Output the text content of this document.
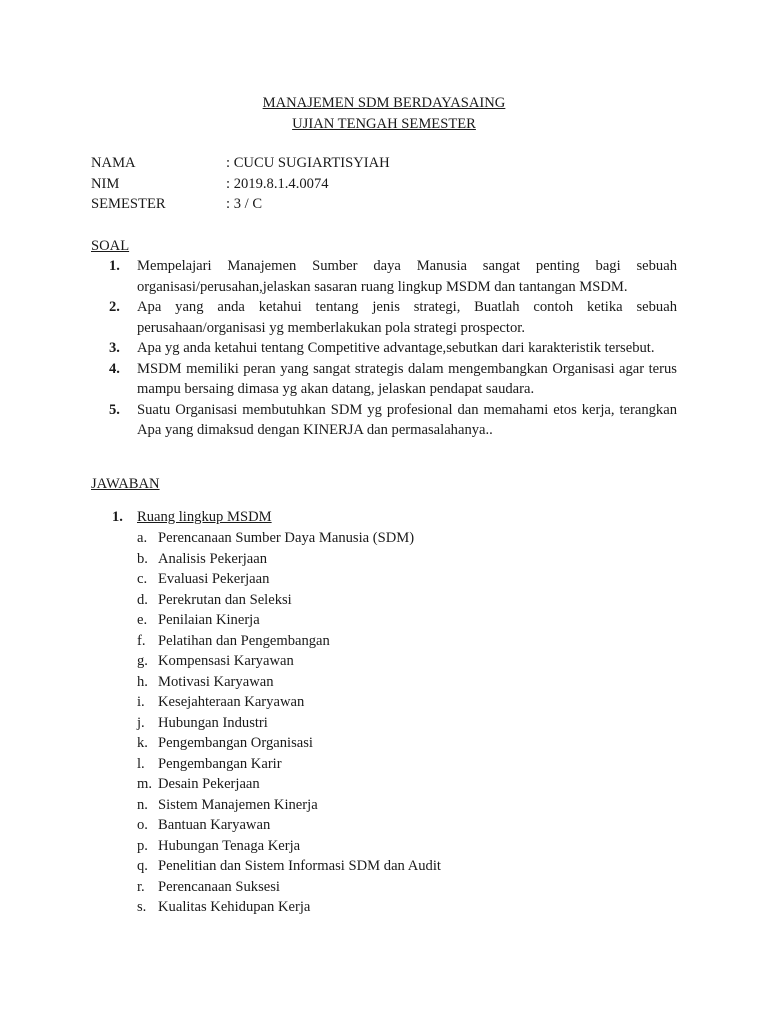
MANAJEMEN SDM BERDAYASAING
UJIAN TENGAH SEMESTER
NAMA	: CUCU SUGIARTISYIAH
NIM	: 2019.8.1.4.0074
SEMESTER	: 3 / C
SOAL
1.	Mempelajari Manajemen Sumber daya Manusia sangat penting bagi sebuah organisasi/perusahan,jelaskan sasaran ruang lingkup MSDM dan tantangan MSDM.
2.	Apa yang anda ketahui tentang jenis strategi, Buatlah contoh ketika sebuah perusahaan/organisasi yg memberlakukan pola strategi prospector.
3.	Apa yg anda ketahui tentang Competitive advantage,sebutkan dari karakteristik tersebut.
4.	MSDM memiliki peran yang sangat strategis dalam mengembangkan Organisasi agar terus mampu bersaing dimasa yg akan datang, jelaskan pendapat saudara.
5.	Suatu Organisasi membutuhkan SDM yg profesional dan memahami etos kerja, terangkan Apa yang dimaksud dengan KINERJA dan permasalahanya..
JAWABAN
1. Ruang lingkup MSDM
a. Perencanaan Sumber Daya Manusia (SDM)
b. Analisis Pekerjaan
c. Evaluasi Pekerjaan
d. Perekrutan dan Seleksi
e. Penilaian Kinerja
f. Pelatihan dan Pengembangan
g. Kompensasi Karyawan
h. Motivasi Karyawan
i. Kesejahteraan Karyawan
j. Hubungan Industri
k. Pengembangan Organisasi
l. Pengembangan Karir
m. Desain Pekerjaan
n. Sistem Manajemen Kinerja
o. Bantuan Karyawan
p. Hubungan Tenaga Kerja
q. Penelitian dan Sistem Informasi SDM dan Audit
r. Perencanaan Suksesi
s. Kualitas Kehidupan Kerja
